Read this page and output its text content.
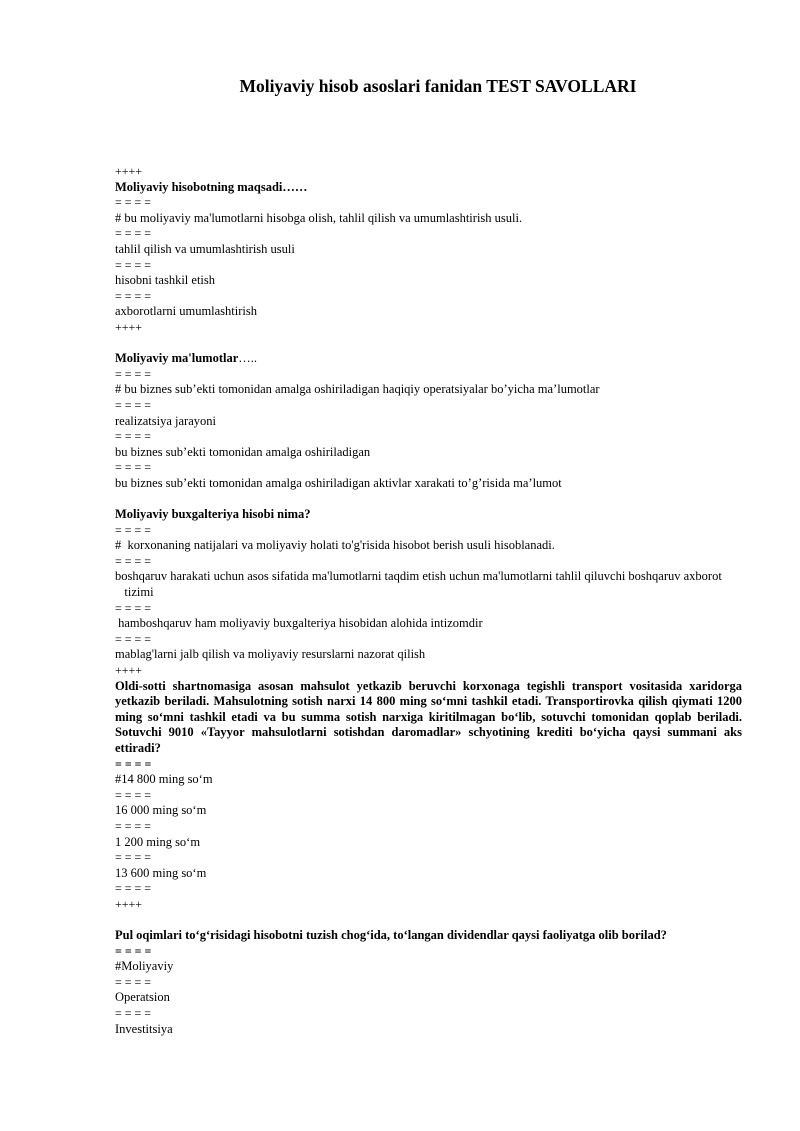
Moliyaviy hisob asoslari fanidan TEST SAVOLLARI
++++
Moliyaviy hisobotning maqsadi……
= = = =
# bu moliyaviy ma'lumotlarni hisobga olish, tahlil qilish va umumlashtirish usuli.
= = = =
tahlil qilish va umumlashtirish usuli
= = = =
hisobni tashkil etish
= = = =
axborotlarni umumlashtirish
++++
Moliyaviy ma'lumotlar…..
= = = =
# bu biznes sub’ekti tomonidan amalga oshiriladigan haqiqiy operatsiyalar bo’yicha ma’lumotlar
= = = =
realizatsiya jarayoni
= = = =
bu biznes sub’ekti tomonidan amalga oshiriladigan
= = = =
bu biznes sub’ekti tomonidan amalga oshiriladigan aktivlar xarakati to’g’risida ma’lumot
Moliyaviy buxgalteriya hisobi nima?
= = = =
#  korxonaning natijalari va moliyaviy holati to'g'risida hisobot berish usuli hisoblanadi.
= = = =
boshqaruv harakati uchun asos sifatida ma'lumotlarni taqdim etish uchun ma'lumotlarni tahlil qiluvchi boshqaruv axborot
tizimi
= = = =
hamboshqaruv ham moliyaviy buxgalteriya hisobidan alohida intizomdir
= = = =
mablag'larni jalb qilish va moliyaviy resurslarni nazorat qilish
++++
Oldi-sotti shartnomasiga asosan mahsulot yetkazib beruvchi korxonaga tegishli transport vositasida xaridorga yetkazib beriladi. Mahsulotning sotish narxi 14 800 ming so‘mni tashkil etadi. Transportirovka qilish qiymati 1200 ming so‘mni tashkil etadi va bu summa sotish narxiga kiritilmagan bo‘lib, sotuvchi tomonidan qoplab beriladi. Sotuvchi 9010 «Tayyor mahsulotlarni sotishdan daromadlar» schyotining krediti bo‘yicha qaysi summani aks ettiradi?
= = = =
#14 800 ming so‘m
= = = =
16 000 ming so‘m
= = = =
1 200 ming so‘m
= = = =
13 600 ming so‘m
= = = =
++++
Pul oqimlari to‘g‘risidagi hisobotni tuzish chog‘ida, to‘langan dividendlar qaysi faoliyatga olib borilad?
= = = =
#Moliyaviy
= = = =
Operatsion
= = = =
Investitsiya
